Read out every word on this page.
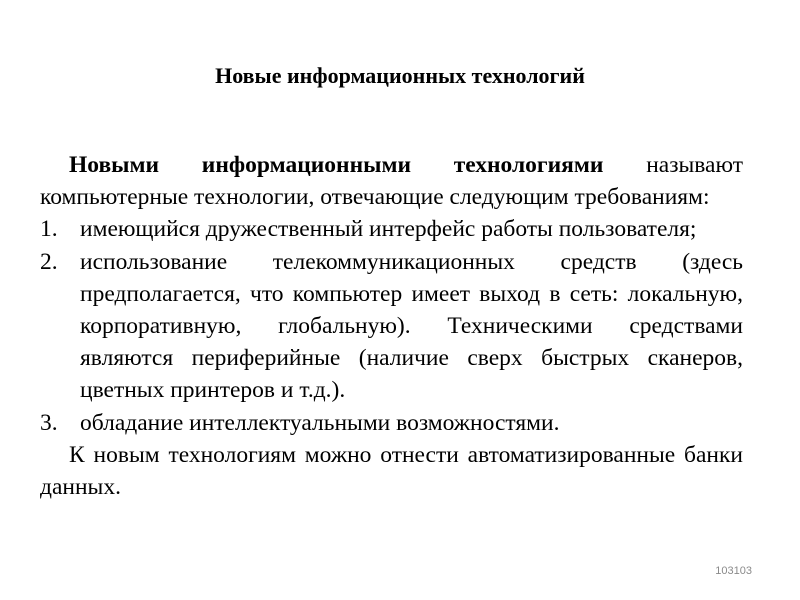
Новые информационных технологий

Новыми информационными технологиями называют компьютерные технологии, отвечающие следующим требованиям:

1. имеющийся дружественный интерфейс работы пользователя;
2. использование телекоммуникационных средств (здесь предполагается, что компьютер имеет выход в сеть: локальную, корпоративную, глобальную). Техническими средствами являются периферийные (наличие сверх быстрых сканеров, цветных принтеров и т.д.).
3. обладание интеллектуальными возможностями.

К новым технологиям можно отнести автоматизированные банки данных.

103103
